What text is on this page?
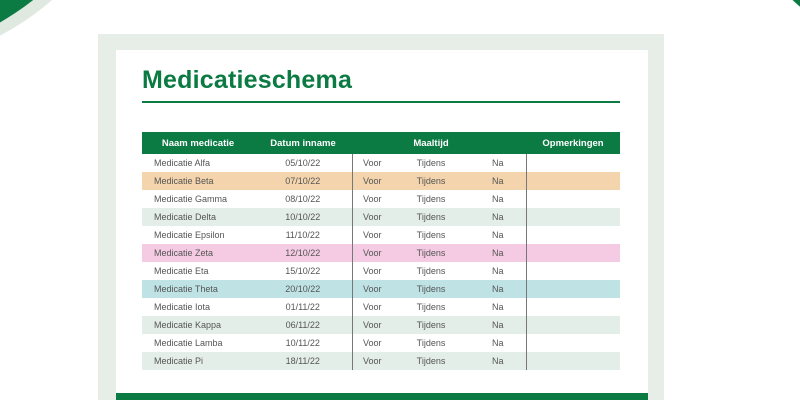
Medicatieschema
Naam medicatie	Datum inname		Maaltijd		Opmerkingen
Medicatie Alfa	05/10/22	Voor	Tijdens	Na	
Medicatie Beta	07/10/22	Voor	Tijdens	Na	
Medicatie Gamma	08/10/22	Voor	Tijdens	Na	
Medicatie Delta	10/10/22	Voor	Tijdens	Na	
Medicatie Epsilon	11/10/22	Voor	Tijdens	Na	
Medicatie Zeta	12/10/22	Voor	Tijdens	Na	
Medicatie Eta	15/10/22	Voor	Tijdens	Na	
Medicatie Theta	20/10/22	Voor	Tijdens	Na	
Medicatie Iota	01/11/22	Voor	Tijdens	Na	
Medicatie Kappa	06/11/22	Voor	Tijdens	Na	
Medicatie Lamba	10/11/22	Voor	Tijdens	Na	
Medicatie Pi	18/11/22	Voor	Tijdens	Na	
